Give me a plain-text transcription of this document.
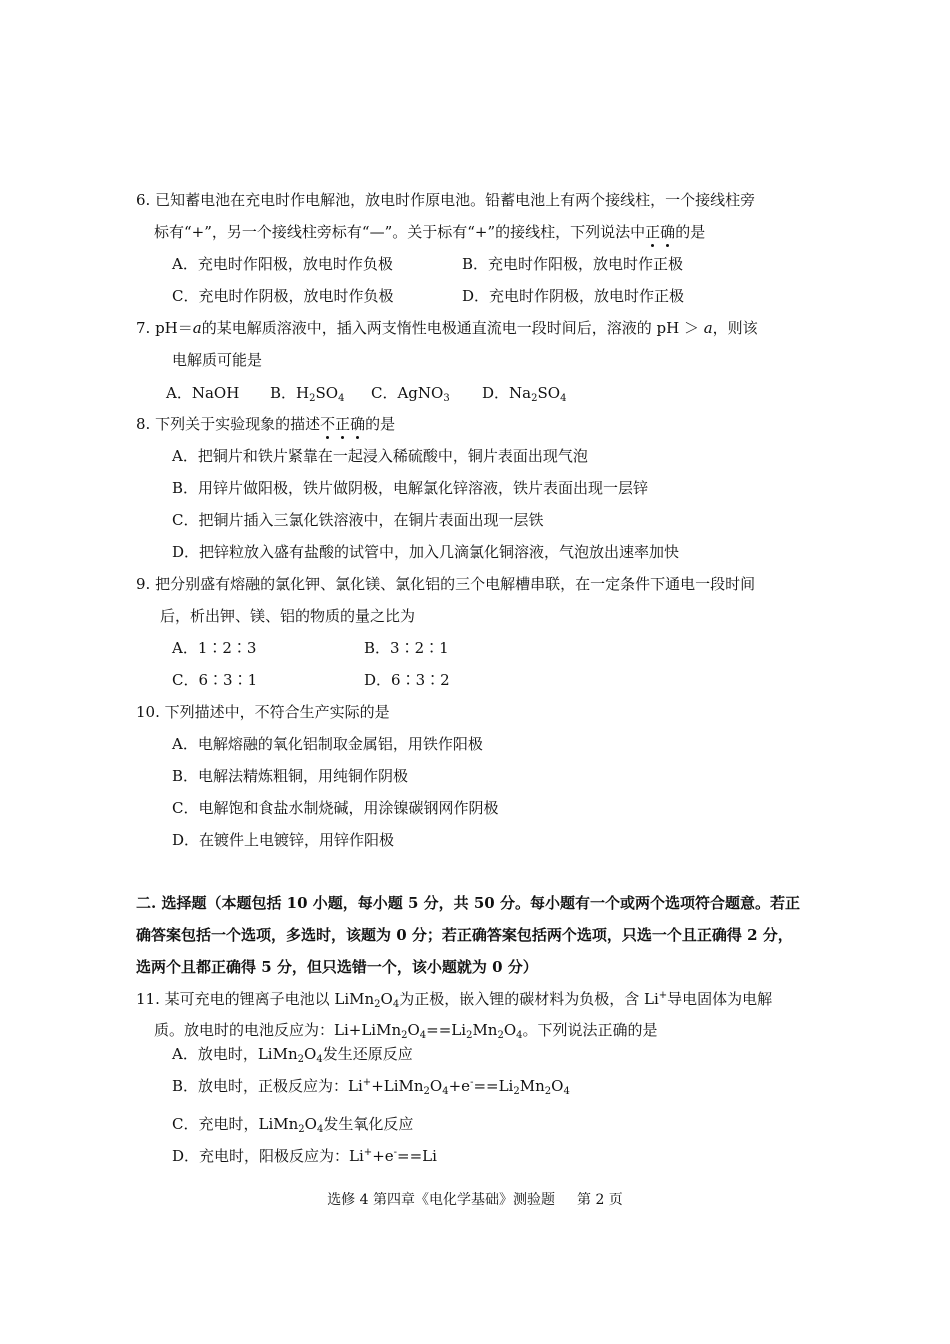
6. 已知蓄电池在充电时作电解池，放电时作原电池。铅蓄电池上有两个接线柱，一个接线柱旁
标有“+”，另一个接线柱旁标有“—”。关于标有“+”的接线柱，下列说法中正确的是
A．充电时作阳极，放电时作负极	B．充电时作阳极，放电时作正极
C．充电时作阴极，放电时作负极	D．充电时作阴极，放电时作正极
7. pH＝a的某电解质溶液中，插入两支惰性电极通直流电一段时间后，溶液的 pH ＞ a，则该
电解质可能是
A．NaOH B．$H_2SO_4$ C．AgNO$_3$ D．$Na_2SO_4$
8. 下列关于实验现象的描述不正确的是
A．把铜片和铁片紧靠在一起浸入稀硫酸中，铜片表面出现气泡
B．用锌片做阳极，铁片做阴极，电解氯化锌溶液，铁片表面出现一层锌
C．把铜片插入三氯化铁溶液中，在铜片表面出现一层铁
D．把锌粒放入盛有盐酸的试管中，加入几滴氯化铜溶液，气泡放出速率加快
9. 把分别盛有熔融的氯化钾、氯化镁、氯化铝的三个电解槽串联，在一定条件下通电一段时间
后，析出钾、镁、铝的物质的量之比为
A．1∶2∶3	B．3∶2∶1
C．6∶3∶1	D．6∶3∶2
10. 下列描述中，不符合生产实际的是
A．电解熔融的氧化铝制取金属铝，用铁作阳极
B．电解法精炼粗铜，用纯铜作阴极
C．电解饱和食盐水制烧碱，用涂镍碳钢网作阴极
D．在镀件上电镀锌，用锌作阳极
二. 选择题（本题包括 10 小题，每小题 5 分，共 50 分。每小题有一个或两个选项符合题意。若正
确答案包括一个选项，多选时，该题为 0 分；若正确答案包括两个选项，只选一个且正确得 2 分，
选两个且都正确得 5 分，但只选错一个，该小题就为 0 分）
11. 某可充电的锂离子电池以 $LiMn_2O_4$为正极，嵌入锂的碳材料为负极，含 Li+导电固体为电解
质。放电时的电池反应为：$Li+LiMn_2O_4==Li_2Mn_2O_4$。下列说法正确的是
A．放电时，$LiMn_2O_4$发生还原反应
B．放电时，正极反应为：$Li^++LiMn_2O_4+e^-==Li_2Mn_2O_4$
C．充电时，$LiMn_2O_4$发生氧化反应
D．充电时，阳极反应为：Li++e-==Li
选修 4 第四章《电化学基础》测验题 第 2 页
